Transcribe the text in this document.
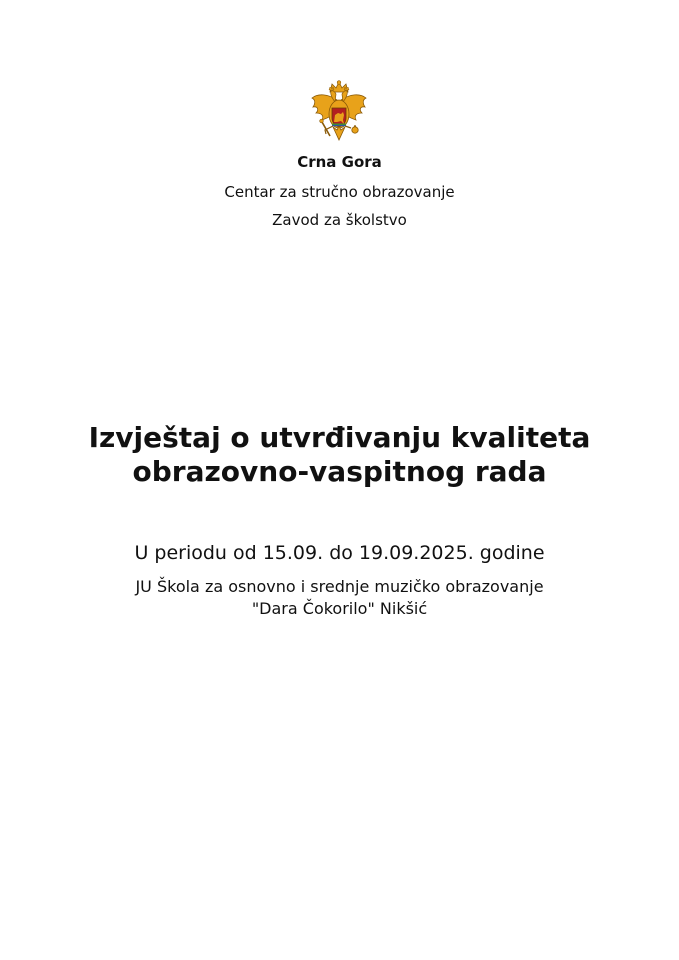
Crna Gora
Centar za stručno obrazovanje
Zavod za školstvo
Izvještaj o utvrđivanju kvaliteta obrazovno-vaspitnog rada
U periodu od 15.09. do 19.09.2025. godine
JU Škola za osnovno i srednje muzičko obrazovanje
"Dara Čokorilo" Nikšić
